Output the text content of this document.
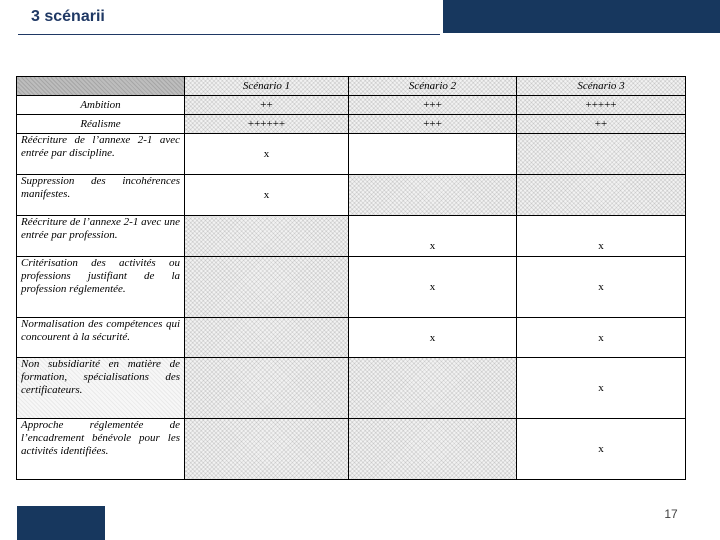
3 scénarii
	Scénario 1	Scénario 2	Scénario 3
Ambition	++	+++	+++++
Réalisme	++++++	+++	++
Réécriture de l’annexe 2-1 avec entrée par discipline.	x		
Suppression des incohérences manifestes.	x		
Réécriture de l’annexe 2-1 avec une entrée par profession.		x	x
Critérisation des activités ou professions justifiant de la profession réglementée.		x	x
Normalisation des compétences qui concourent à la sécurité.		x	x
Non subsidiarité en matière de formation, spécialisations des certificateurs.			x
Approche réglementée de l’encadrement bénévole pour les activités identifiées.			x
17
